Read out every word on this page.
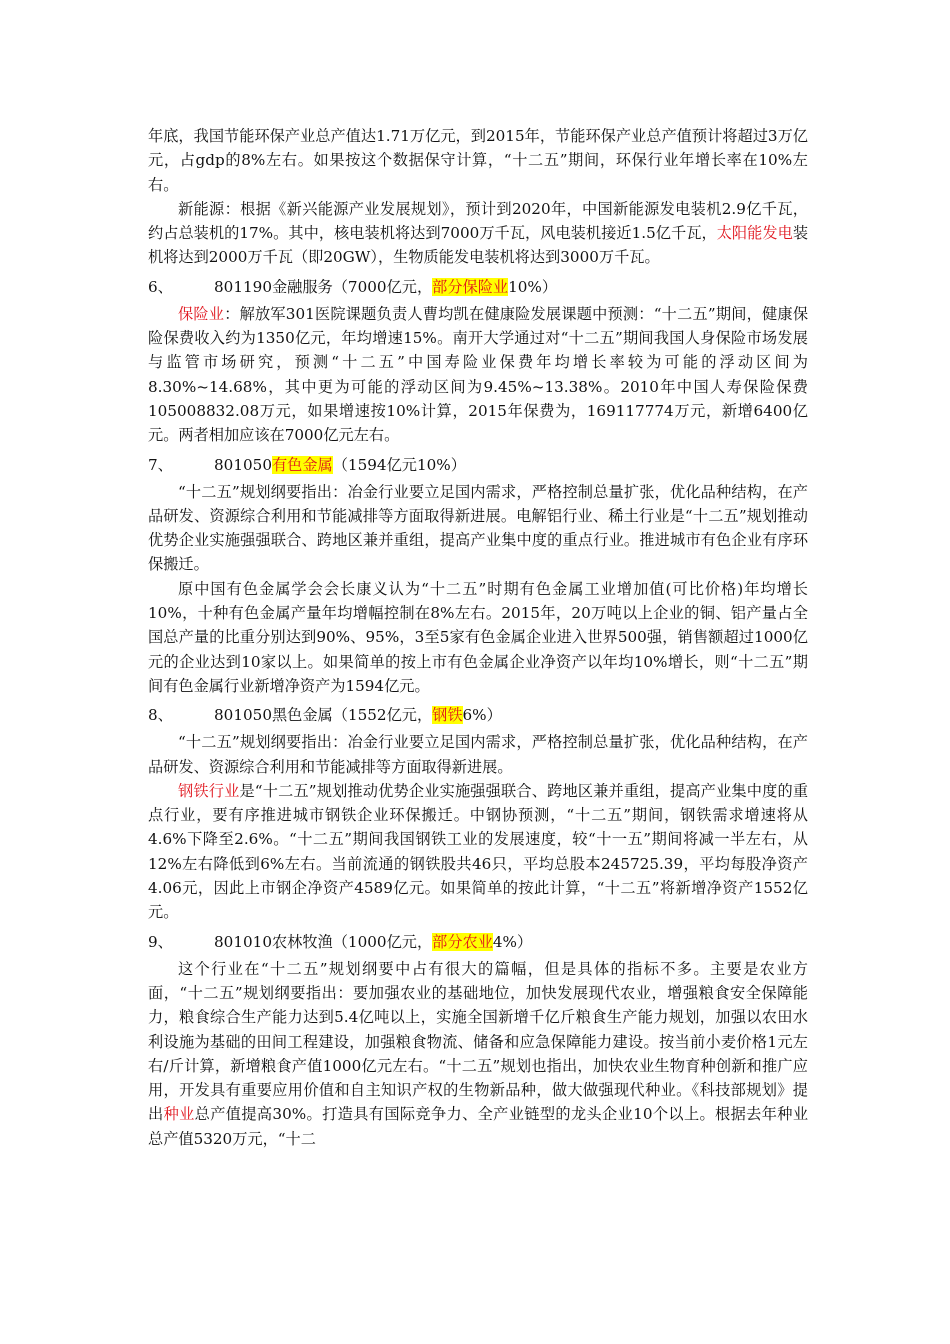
年底，我国节能环保产业总产值达1.71万亿元，到2015年，节能环保产业总产值预计将超过3万亿元，占gdp的8%左右。如果按这个数据保守计算，“十二五”期间，环保行业年增长率在10%左右。

新能源：根据《新兴能源产业发展规划》，预计到2020年，中国新能源发电装机2.9亿千瓦，约占总装机的17%。其中，核电装机将达到7000万千瓦，风电装机接近1.5亿千瓦，太阳能发电装机将达到2000万千瓦（即20GW），生物质能发电装机将达到3000万千瓦。

6、	801190金融服务（7000亿元，部分保险业10%）

保险业：解放军301医院课题负责人曹均凯在健康险发展课题中预测：“十二五”期间，健康保险保费收入约为1350亿元，年均增速15%。南开大学通过对“十二五”期间我国人身保险市场发展与监管市场研究，预测“十二五”中国寿险业保费年均增长率较为可能的浮动区间为8.30%~14.68%，其中更为可能的浮动区间为9.45%~13.38%。2010年中国人寿保险保费105008832.08万元，如果增速按10%计算，2015年保费为，169117774万元，新增6400亿元。两者相加应该在7000亿元左右。

7、	801050有色金属（1594亿元10%）

“十二五”规划纲要指出：冶金行业要立足国内需求，严格控制总量扩张，优化品种结构，在产品研发、资源综合利用和节能减排等方面取得新进展。电解铝行业、稀土行业是“十二五”规划推动优势企业实施强强联合、跨地区兼并重组，提高产业集中度的重点行业。推进城市有色企业有序环保搬迁。

原中国有色金属学会会长康义认为“十二五”时期有色金属工业增加值(可比价格)年均增长10%，十种有色金属产量年均增幅控制在8%左右。2015年，20万吨以上企业的铜、铝产量占全国总产量的比重分别达到90%、95%，3至5家有色金属企业进入世界500强，销售额超过1000亿元的企业达到10家以上。如果简单的按上市有色金属企业净资产以年均10%增长，则“十二五”期间有色金属行业新增净资产为1594亿元。

8、	801050黑色金属（1552亿元，钢铁6%）

“十二五”规划纲要指出：冶金行业要立足国内需求，严格控制总量扩张，优化品种结构，在产品研发、资源综合利用和节能减排等方面取得新进展。

钢铁行业是“十二五”规划推动优势企业实施强强联合、跨地区兼并重组，提高产业集中度的重点行业，要有序推进城市钢铁企业环保搬迁。中钢协预测，“十二五”期间，钢铁需求增速将从4.6%下降至2.6%。“十二五”期间我国钢铁工业的发展速度，较“十一五”期间将减一半左右，从12%左右降低到6%左右。当前流通的钢铁股共46只，平均总股本245725.39，平均每股净资产4.06元，因此上市钢企净资产4589亿元。如果简单的按此计算，“十二五”将新增净资产1552亿元。

9、	801010农林牧渔（1000亿元，部分农业4%）

这个行业在“十二五”规划纲要中占有很大的篇幅，但是具体的指标不多。主要是农业方面，“十二五”规划纲要指出：要加强农业的基础地位，加快发展现代农业，增强粮食安全保障能力，粮食综合生产能力达到5.4亿吨以上，实施全国新增千亿斤粮食生产能力规划，加强以农田水利设施为基础的田间工程建设，加强粮食物流、储备和应急保障能力建设。按当前小麦价格1元左右/斤计算，新增粮食产值1000亿元左右。“十二五”规划也指出，加快农业生物育种创新和推广应用，开发具有重要应用价值和自主知识产权的生物新品种，做大做强现代种业。《科技部规划》提出种业总产值提高30%。打造具有国际竞争力、全产业链型的龙头企业10个以上。根据去年种业总产值5320万元，“十二
